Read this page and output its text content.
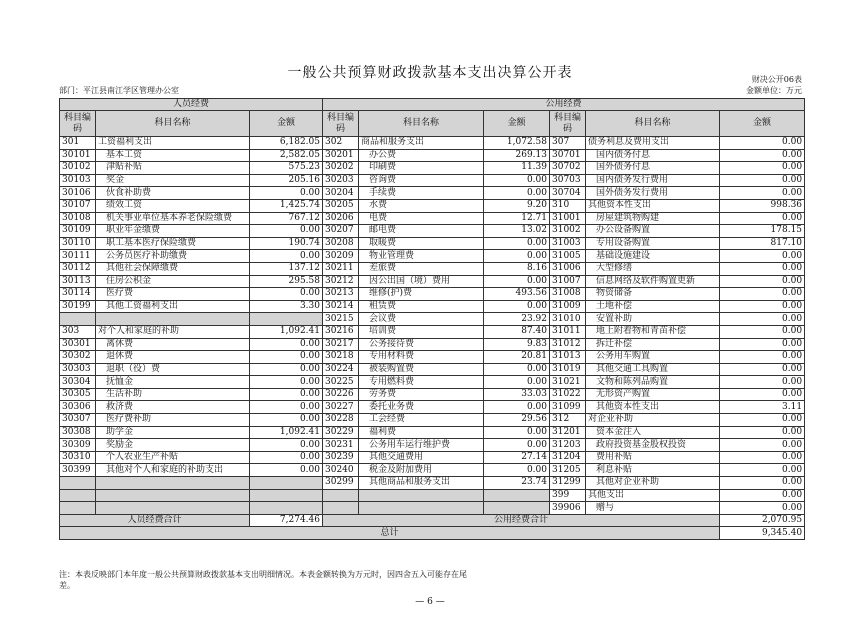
一般公共预算财政拨款基本支出决算公开表	财决公开06表
金额单位：万元
部门：平江县南江学区管理办公室
人员经费			公用经费					
科目编码	科目名称	金额	科目编码	科目名称	金额	科目编码	科目名称	金额
301	工资福利支出	6,182.05	302	商品和服务支出	1,072.58	307	债务利息及费用支出	0.00
30101	基本工资	2,582.05	30201	办公费	269.13	30701	国内债务付息	0.00
30102	津贴补贴	575.23	30202	印刷费	11.39	30702	国外债务付息	0.00
30103	奖金	205.16	30203	咨询费	0.00	30703	国内债务发行费用	0.00
30106	伙食补助费	0.00	30204	手续费	0.00	30704	国外债务发行费用	0.00
30107	绩效工资	1,425.74	30205	水费	9.20	310	其他资本性支出	998.36
30108	机关事业单位基本养老保险缴费	767.12	30206	电费	12.71	31001	房屋建筑物购建	0.00
30109	职业年金缴费	0.00	30207	邮电费	13.02	31002	办公设备购置	178.15
30110	职工基本医疗保险缴费	190.74	30208	取暖费	0.00	31003	专用设备购置	817.10
30111	公务员医疗补助缴费	0.00	30209	物业管理费	0.00	31005	基础设施建设	0.00
30112	其他社会保障缴费	137.12	30211	差旅费	8.16	31006	大型修缮	0.00
30113	住房公积金	295.58	30212	因公出国（境）费用	0.00	31007	信息网络及软件购置更新	0.00
30114	医疗费	0.00	30213	维修(护)费	493.56	31008	物资储备	0.00
30199	其他工资福利支出	3.30	30214	租赁费	0.00	31009	土地补偿	0.00
			30215	会议费	23.92	31010	安置补助	0.00
303	对个人和家庭的补助	1,092.41	30216	培训费	87.40	31011	地上附着物和青苗补偿	0.00
30301	离休费	0.00	30217	公务接待费	9.83	31012	拆迁补偿	0.00
30302	退休费	0.00	30218	专用材料费	20.81	31013	公务用车购置	0.00
30303	退职（役）费	0.00	30224	被装购置费	0.00	31019	其他交通工具购置	0.00
30304	抚恤金	0.00	30225	专用燃料费	0.00	31021	文物和陈列品购置	0.00
30305	生活补助	0.00	30226	劳务费	33.03	31022	无形资产购置	0.00
30306	救济费	0.00	30227	委托业务费	0.00	31099	其他资本性支出	3.11
30307	医疗费补助	0.00	30228	工会经费	29.56	312	对企业补助	0.00
30308	助学金	1,092.41	30229	福利费	0.00	31201	资本金注入	0.00
30309	奖励金	0.00	30231	公务用车运行维护费	0.00	31203	政府投资基金股权投资	0.00
30310	个人农业生产补贴	0.00	30239	其他交通费用	27.14	31204	费用补贴	0.00
30399	其他对个人和家庭的补助支出	0.00	30240	税金及附加费用	0.00	31205	利息补贴	0.00
			30299	其他商品和服务支出	23.74	31299	其他对企业补助	0.00
						399	其他支出	0.00
						39906	赠与	0.00
人员经费合计		7,274.46	公用经费合计					2,070.95
总计								9,345.40
注：本表反映部门本年度一般公共预算财政拨款基本支出明细情况。本表金额转换为万元时，因四舍五入可能存在尾差。
— 6 —
